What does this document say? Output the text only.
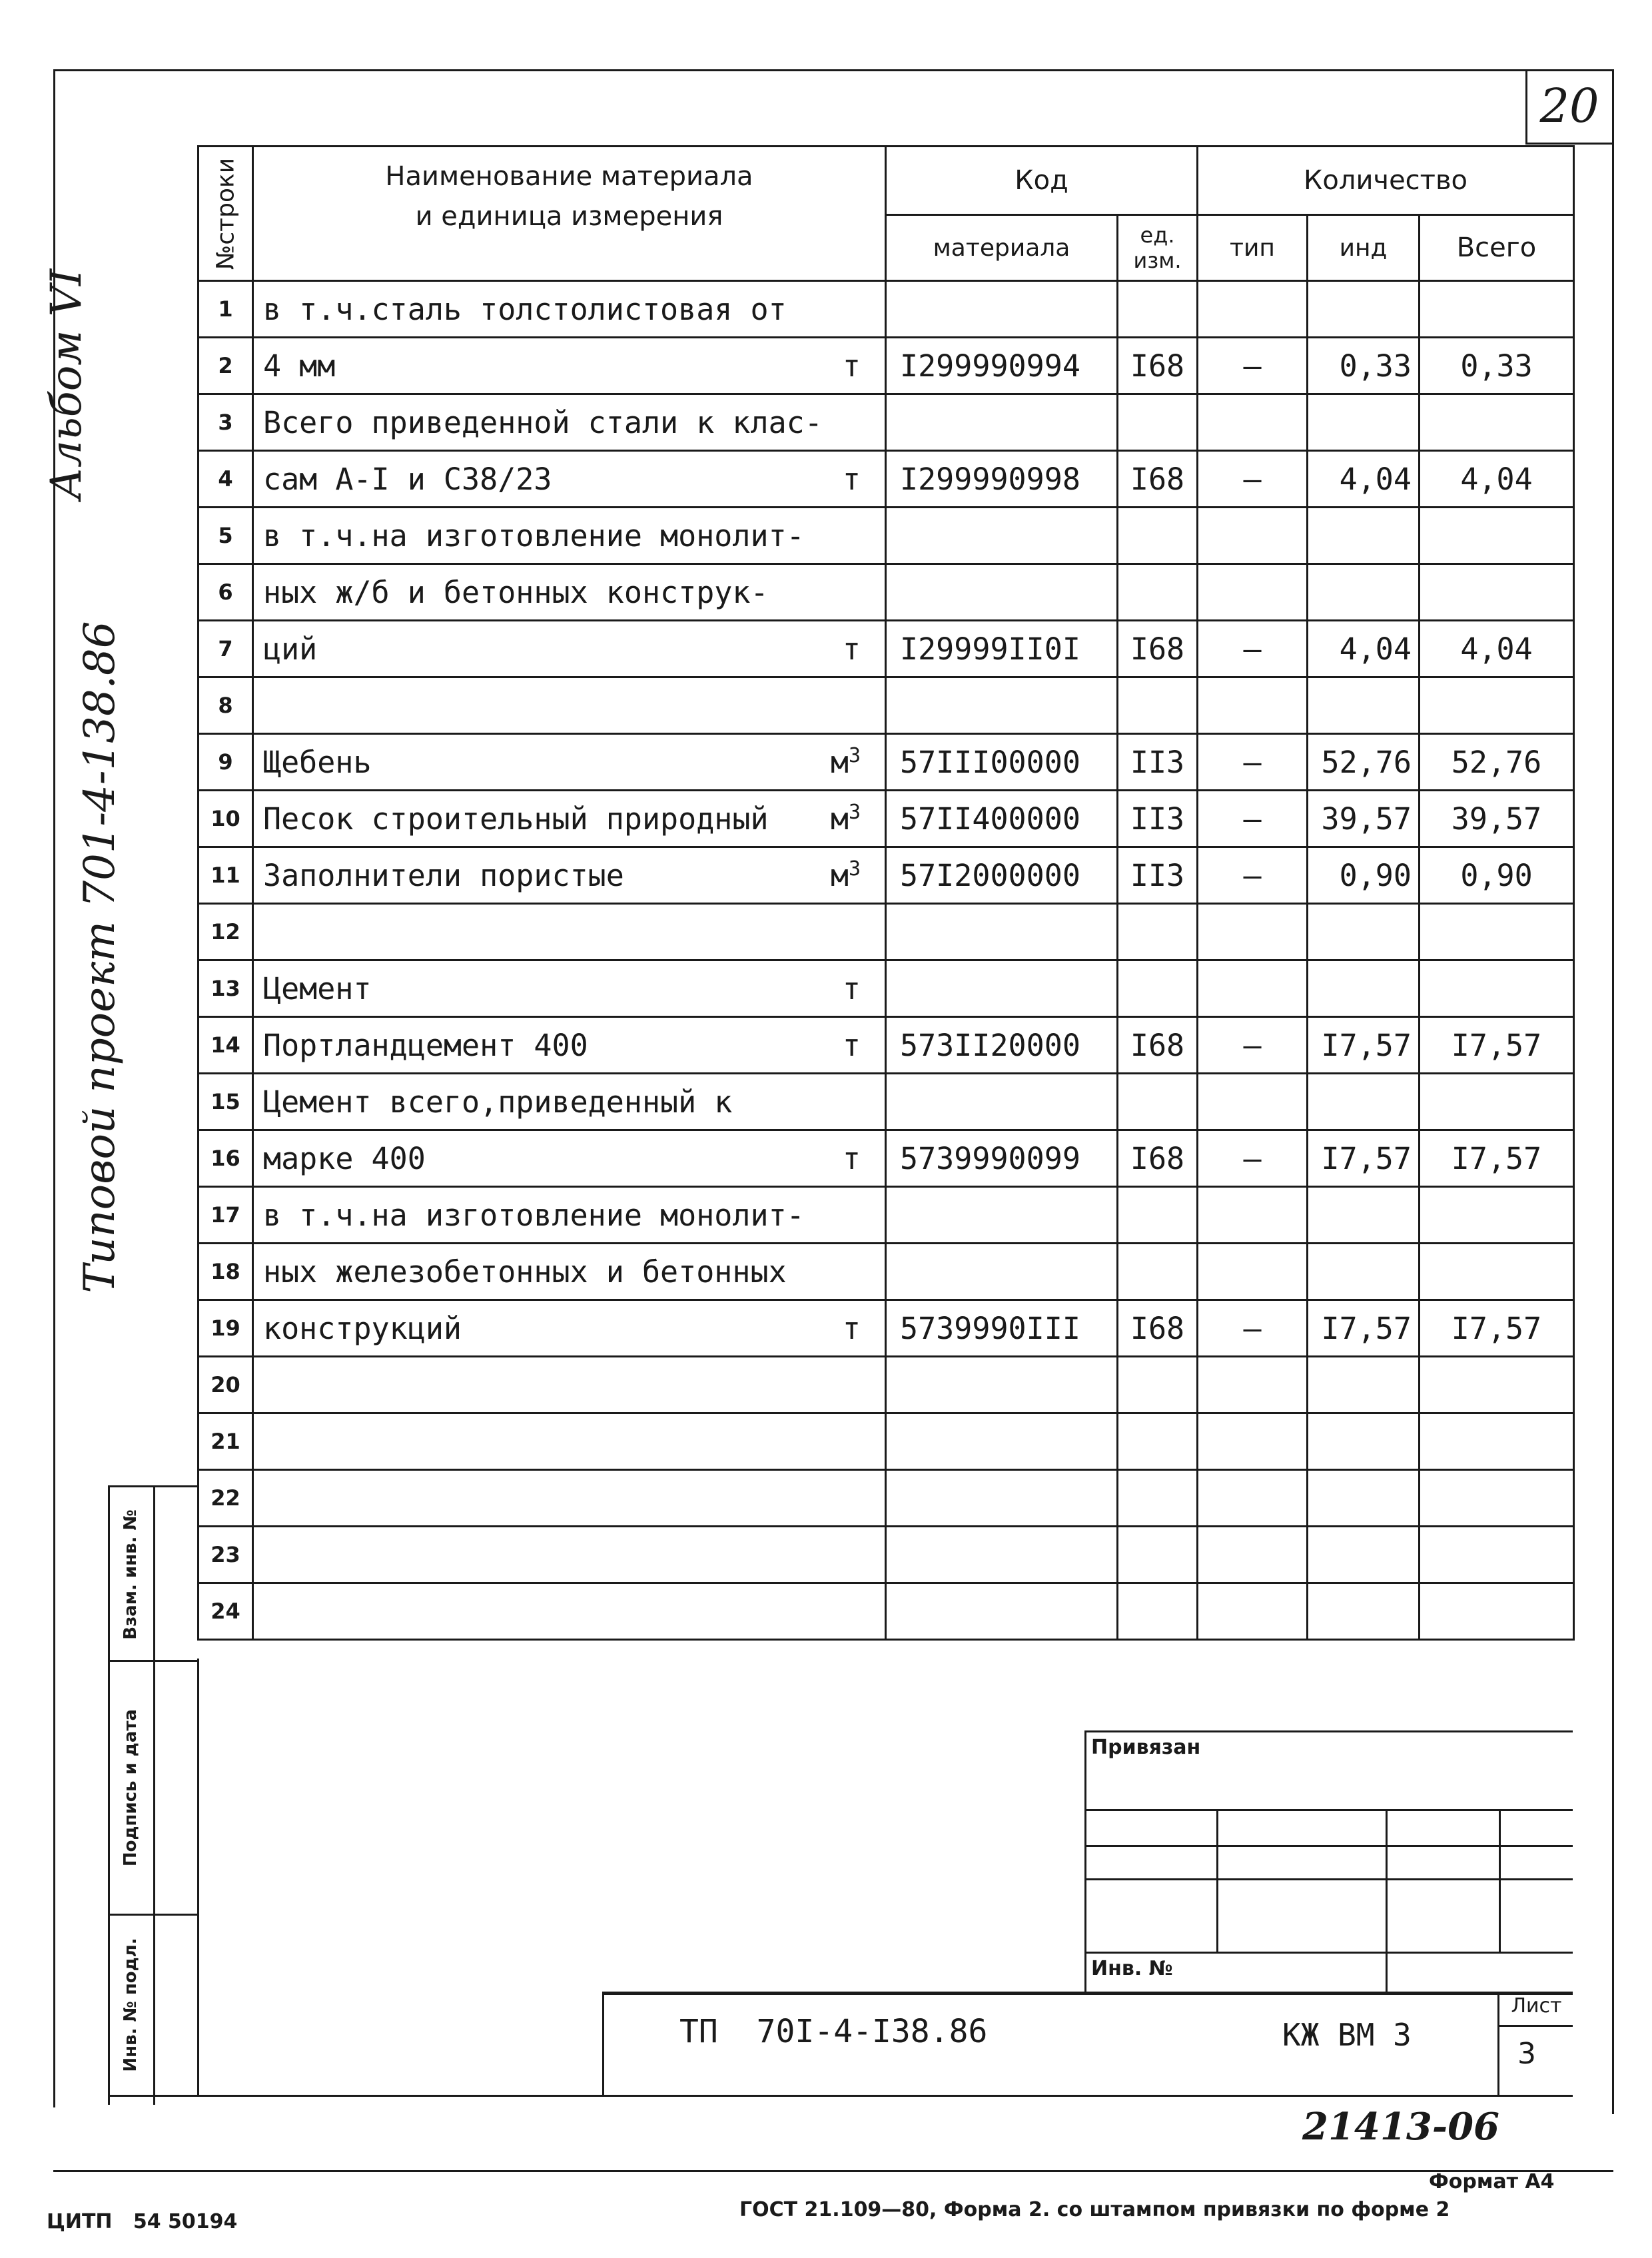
20
Альбом VI
Типовой проект 701-4-138.86
№строки	Наименование материала
и единица измерения	Код		Количество		
		материала	ед. изм.	тип	инд	Всего
1	в т.ч.сталь толстолистовая от

2	4 мм т	I299990994	I68	–	0,33	0,33
3	Всего приведенной стали к клас-

4	сам А-I и С38/23 т	I299990998	I68	–	4,04	4,04
5	в т.ч.на изготовление монолит-

6	ных ж/б и бетонных конструк-

7	ций т	I29999II0I	I68	–	4,04	4,04
8	

9	Щебень $м^3$	57III00000	II3	–	52,76	52,76
10	Песок строительный природный $м^3$	57II400000	II3	–	39,57	39,57
11	Заполнители пористые $м^3$	57I2000000	II3	–	0,90	0,90
12	

13	Цемент т					

14	Портландцемент 400 т	573II20000	I68	–	I7,57	I7,57
15	Цемент всего,приведенный к

16	марке 400 т	5739990099	I68	–	I7,57	I7,57
17	в т.ч.на изготовление монолит-

18	ных железобетонных и бетонных

19	конструкций т	5739990III	I68	–	I7,57	I7,57
20	

21	

22	

23	

24	

Взам. инв. №
Подпись и дата
Инв. № подл.
Привязан
Инв. №
ТП  70I-4-I38.86	КЖ ВМ 3
Лист
3
21413-06
Формат А4
ЦИТП   54 50194
ГОСТ 21.109—80, Форма 2. со штампом привязки по форме 2
